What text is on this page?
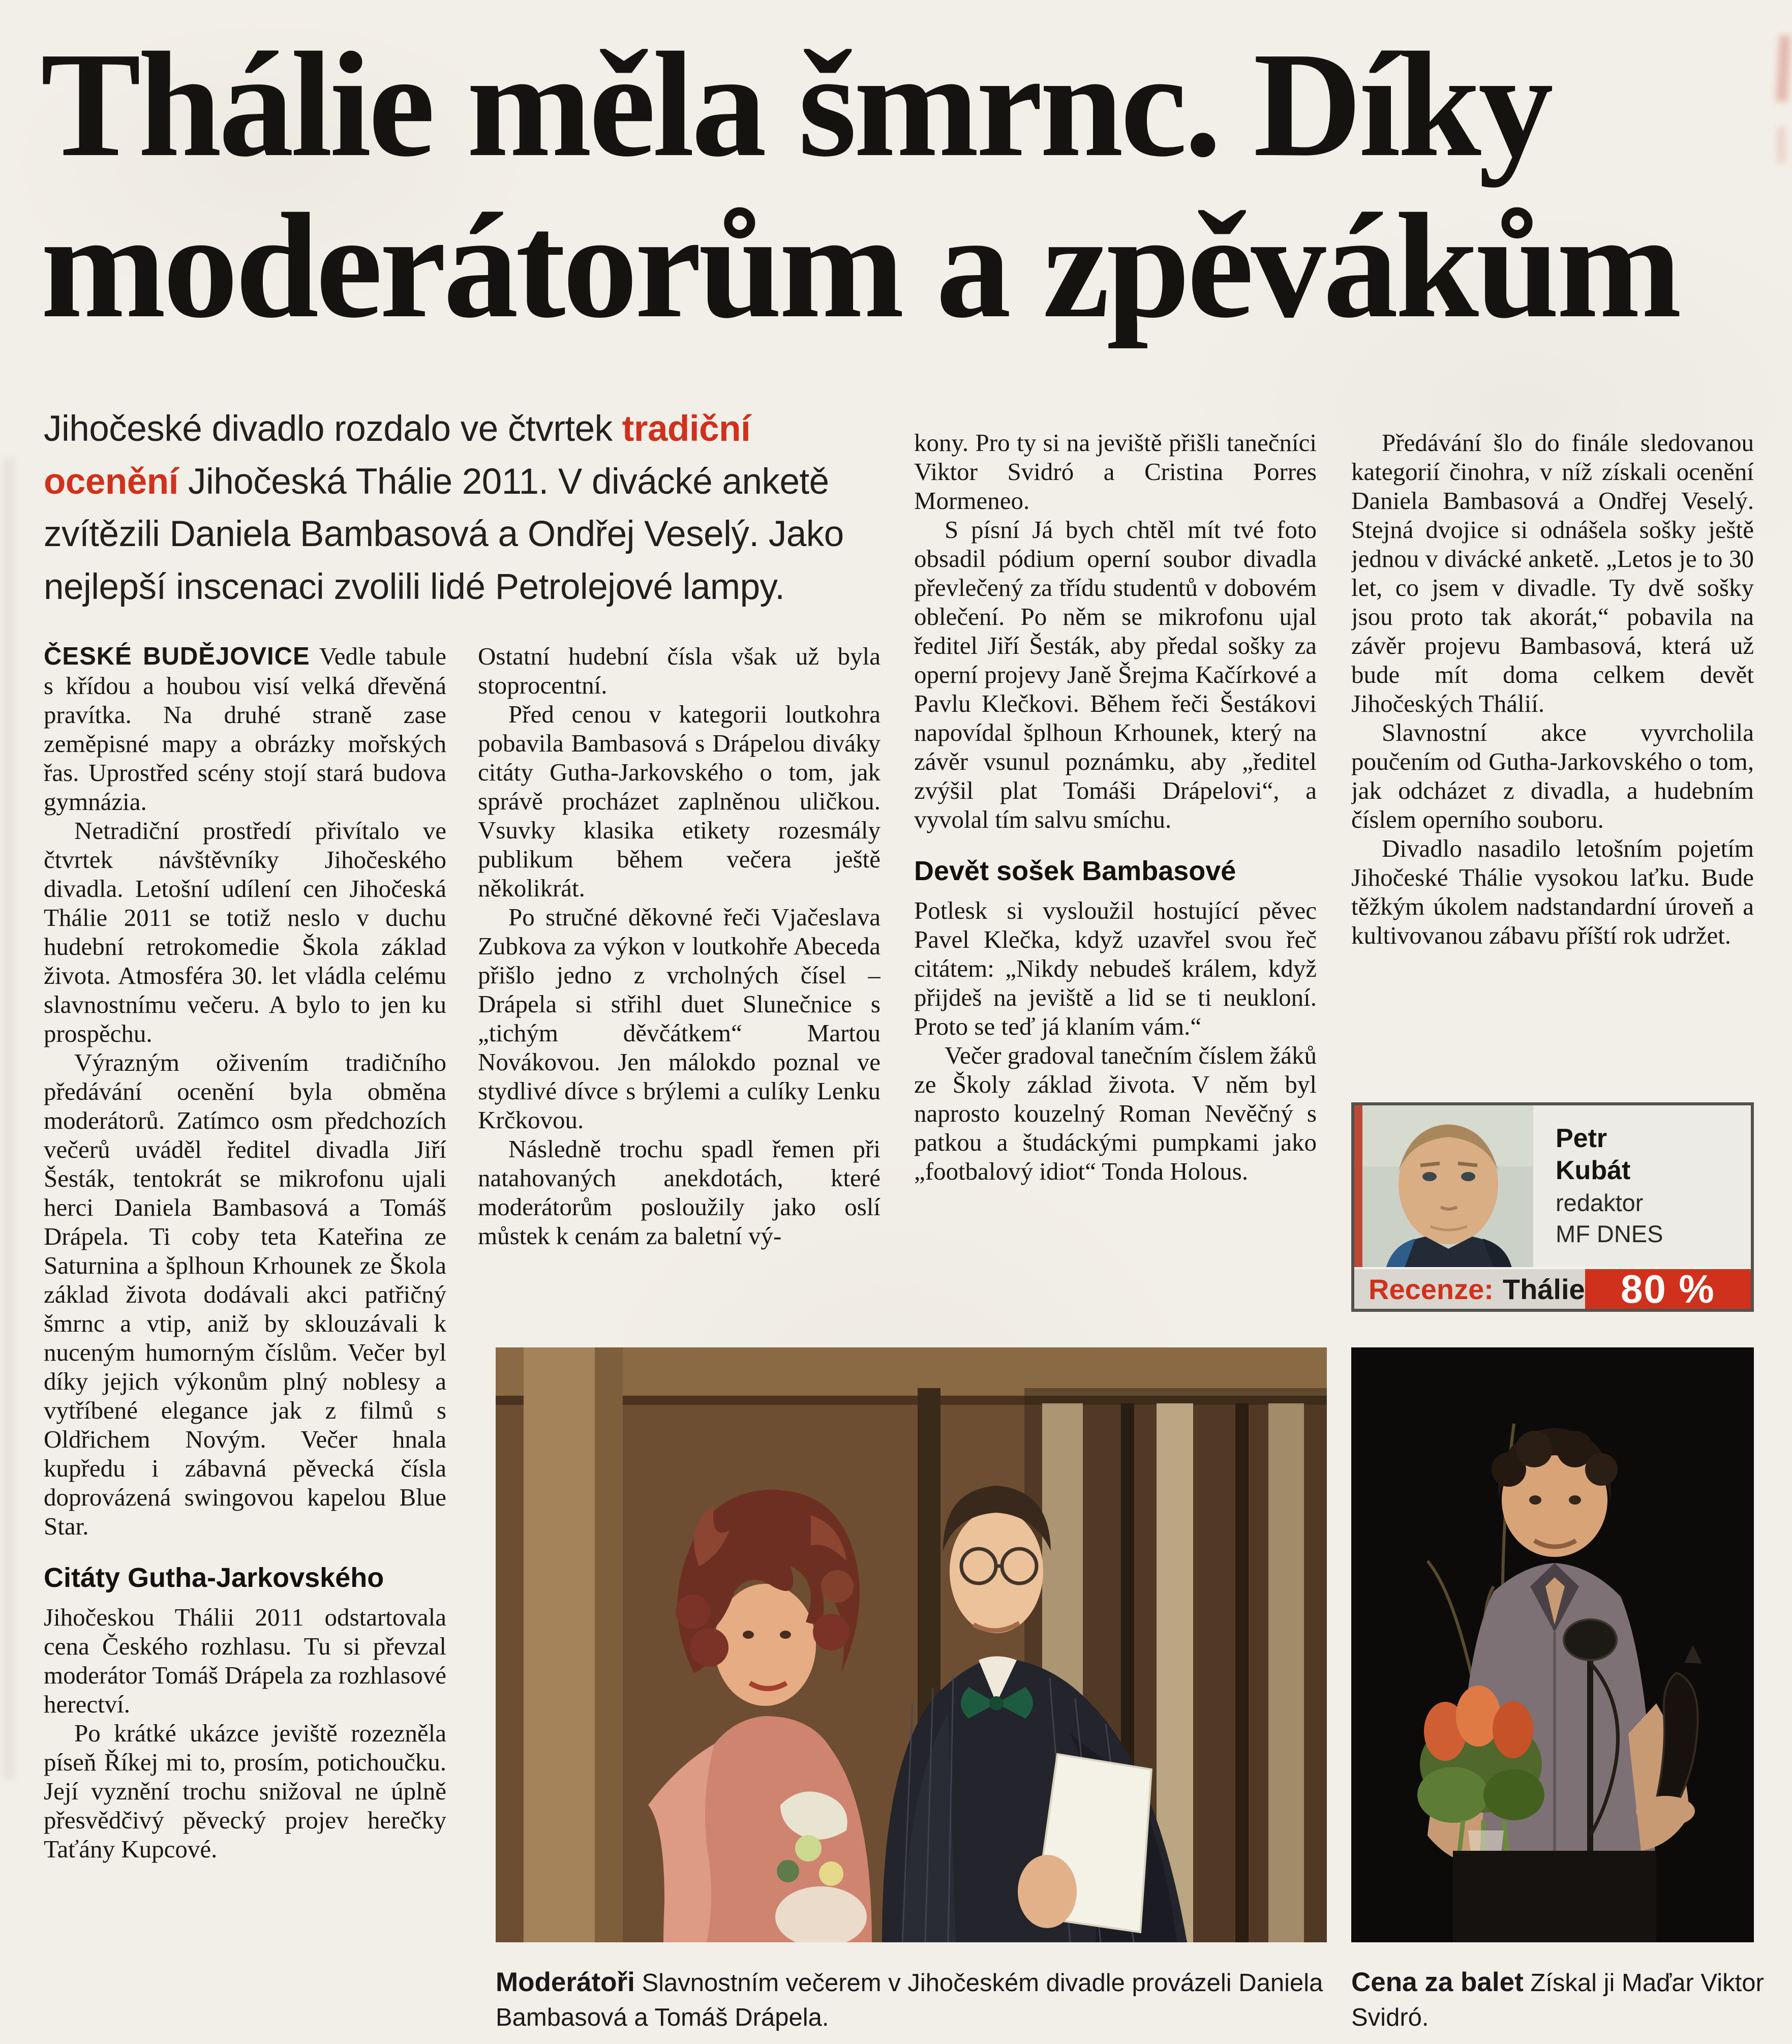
Thálie měla šmrnc. Díky
moderátorům a zpěvákům

Jihočeské divadlo rozdalo ve čtvrtek tradiční ocenění Jihočeská Thálie 2011. V divácké anketě zvítězili Daniela Bambasová a Ondřej Veselý. Jako nejlepší inscenaci zvolili lidé Petrolejové lampy.

ČESKÉ BUDĚJOVICE Vedle tabule s křídou a houbou visí velká dřevěná pravítka. Na druhé straně zase zeměpisné mapy a obrázky mořských řas. Uprostřed scény stojí stará budova gymnázia.

Netradiční prostředí přivítalo ve čtvrtek návštěvníky Jihočeského divadla. Letošní udílení cen Jihočeská Thálie 2011 se totiž neslo v duchu hudební retrokomedie Škola základ života. Atmosféra 30. let vládla celému slavnostnímu večeru. A bylo to jen ku prospěchu.

Výrazným oživením tradičního předávání ocenění byla obměna moderátorů. Zatímco osm předchozích večerů uváděl ředitel divadla Jiří Šesták, tentokrát se mikrofonu ujali herci Daniela Bambasová a Tomáš Drápela. Ti coby teta Kateřina ze Saturnina a šplhoun Krhounek ze Škola základ života dodávali akci patřičný šmrnc a vtip, aniž by sklouzávali k nuceným humorným číslům. Večer byl díky jejich výkonům plný noblesy a vytříbené elegance jak z filmů s Oldřichem Novým. Večer hnala kupředu i zábavná pěvecká čísla doprovázená swingovou kapelou Blue Star.

Citáty Gutha-Jarkovského

Jihočeskou Thálii 2011 odstartovala cena Českého rozhlasu. Tu si převzal moderátor Tomáš Drápela za rozhlasové herectví.

Po krátké ukázce jeviště rozezněla píseň Říkej mi to, prosím, potichoučku. Její vyznění trochu snižoval ne úplně přesvědčivý pěvecký projev herečky Taťány Kupcové.

Ostatní hudební čísla však už byla stoprocentní.

Před cenou v kategorii loutkohra pobavila Bambasová s Drápelou diváky citáty Gutha-Jarkovského o tom, jak správě procházet zaplněnou uličkou. Vsuvky klasika etikety rozesmály publikum během večera ještě několikrát.

Po stručné děkovné řeči Vjačeslava Zubkova za výkon v loutkohře Abeceda přišlo jedno z vrcholných čísel – Drápela si střihl duet Slunečnice s „tichým děvčátkem“ Martou Novákovou. Jen málokdo poznal ve stydlivé dívce s brýlemi a culíky Lenku Krčkovou.

Následně trochu spadl řemen při natahovaných anekdotách, které moderátorům posloužily jako oslí můstek k cenám za baletní vý-

kony. Pro ty si na jeviště přišli tanečníci Viktor Svidró a Cristina Porres Mormeneo.

S písní Já bych chtěl mít tvé foto obsadil pódium operní soubor divadla převlečený za třídu studentů v dobovém oblečení. Po něm se mikrofonu ujal ředitel Jiří Šesták, aby předal sošky za operní projevy Janě Šrejma Kačírkové a Pavlu Klečkovi. Během řeči Šestákovi napovídal šplhoun Krhounek, který na závěr vsunul poznámku, aby „ředitel zvýšil plat Tomáši Drápelovi“, a vyvolal tím salvu smíchu.

Devět sošek Bambasové

Potlesk si vysloužil hostující pěvec Pavel Klečka, když uzavřel svou řeč citátem: „Nikdy nebudeš králem, když přijdeš na jeviště a lid se ti neukloní. Proto se teď já klaním vám.“

Večer gradoval tanečním číslem žáků ze Školy základ života. V něm byl naprosto kouzelný Roman Nevěčný s patkou a študáckými pumpkami jako „footbalový idiot“ Tonda Holous.

Předávání šlo do finále sledovanou kategorií činohra, v níž získali ocenění Daniela Bambasová a Ondřej Veselý. Stejná dvojice si odnášela sošky ještě jednou v divácké anketě. „Letos je to 30 let, co jsem v divadle. Ty dvě sošky jsou proto tak akorát,“ pobavila na závěr projevu Bambasová, která už bude mít doma celkem devět Jihočeských Thálií.

Slavnostní akce vyvrcholila poučením od Gutha-Jarkovského o tom, jak odcházet z divadla, a hudebním číslem operního souboru.

Divadlo nasadilo letošním pojetím Jihočeské Thálie vysokou laťku. Bude těžkým úkolem nadstandardní úroveň a kultivovanou zábavu příští rok udržet.

Petr
Kubát
redaktor
MF DNES
Recenze: Thálie 80 %

Moderátoři Slavnostním večerem v Jihočeském divadle provázeli Daniela Bambasová a Tomáš Drápela.

Cena za balet Získal ji Maďar Viktor Svidró.
